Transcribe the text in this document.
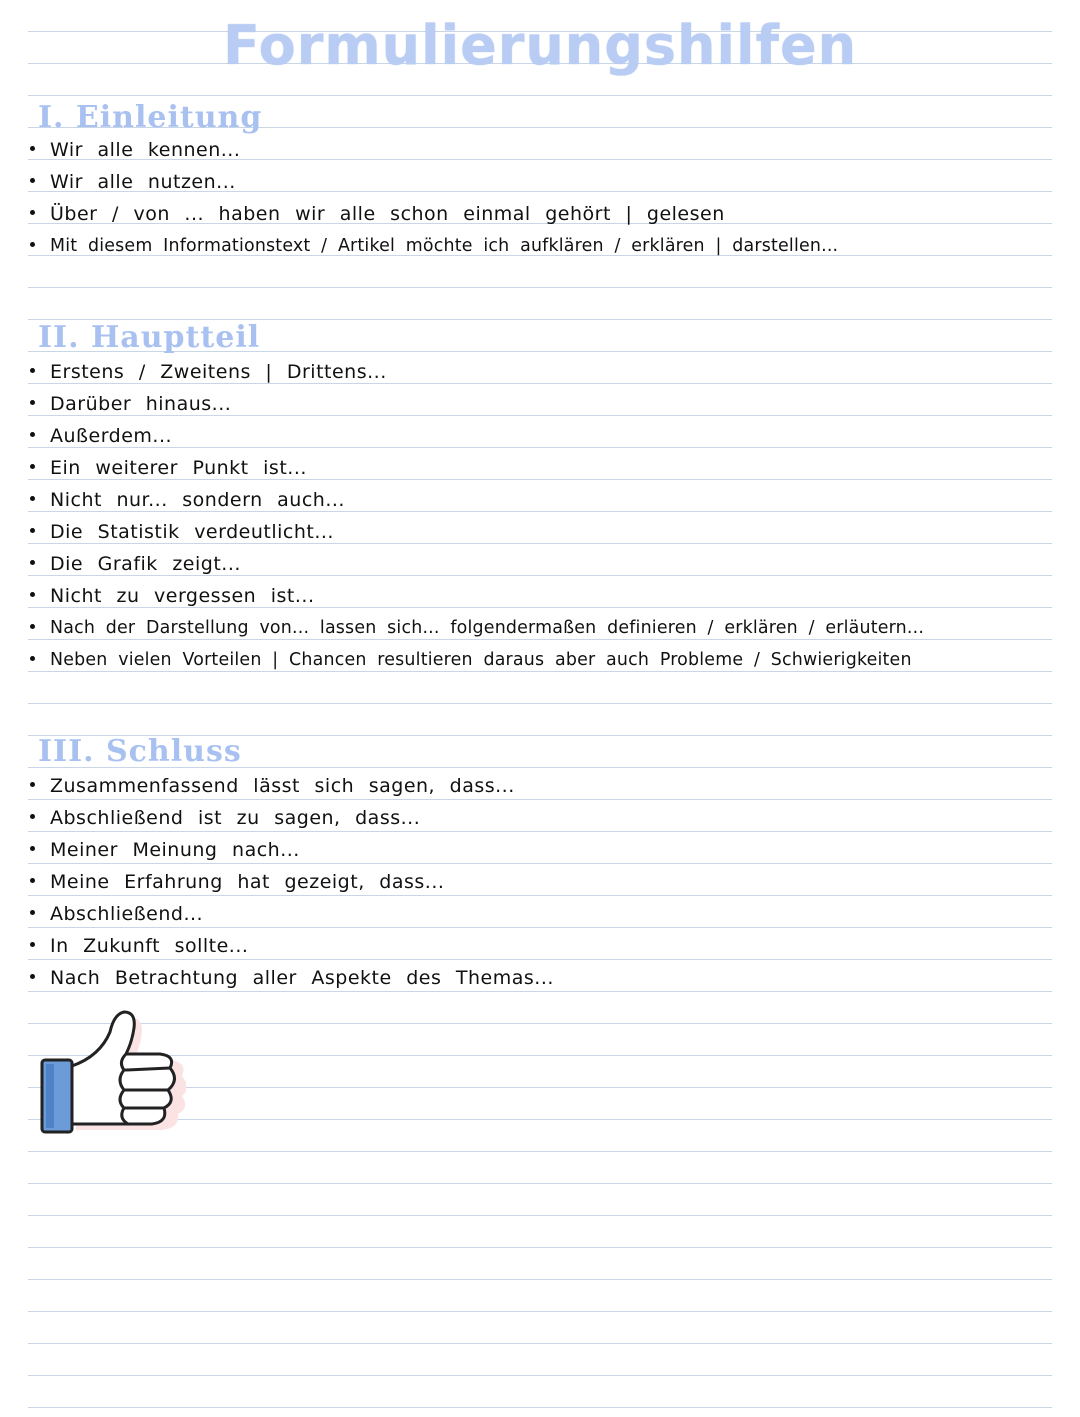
Formulierungshilfen
I. Einleitung
Wir alle kennen...
Wir alle nutzen...
Über / von ... haben wir alle schon einmal gehört | gelesen
Mit diesem Informationstext / Artikel möchte ich aufklären / erklären | darstellen...
II. Hauptteil
Erstens / Zweitens | Drittens...
Darüber hinaus...
Außerdem...
Ein weiterer Punkt ist...
Nicht nur... sondern auch...
Die Statistik verdeutlicht...
Die Grafik zeigt...
Nicht zu vergessen ist...
Nach der Darstellung von... lassen sich... folgendermaßen definieren / erklären / erläutern...
Neben vielen Vorteilen | Chancen resultieren daraus aber auch Probleme / Schwierigkeiten
III. Schluss
Zusammenfassend lässt sich sagen, dass...
Abschließend ist zu sagen, dass...
Meiner Meinung nach...
Meine Erfahrung hat gezeigt, dass...
Abschließend...
In Zukunft sollte...
Nach Betrachtung aller Aspekte des Themas...
